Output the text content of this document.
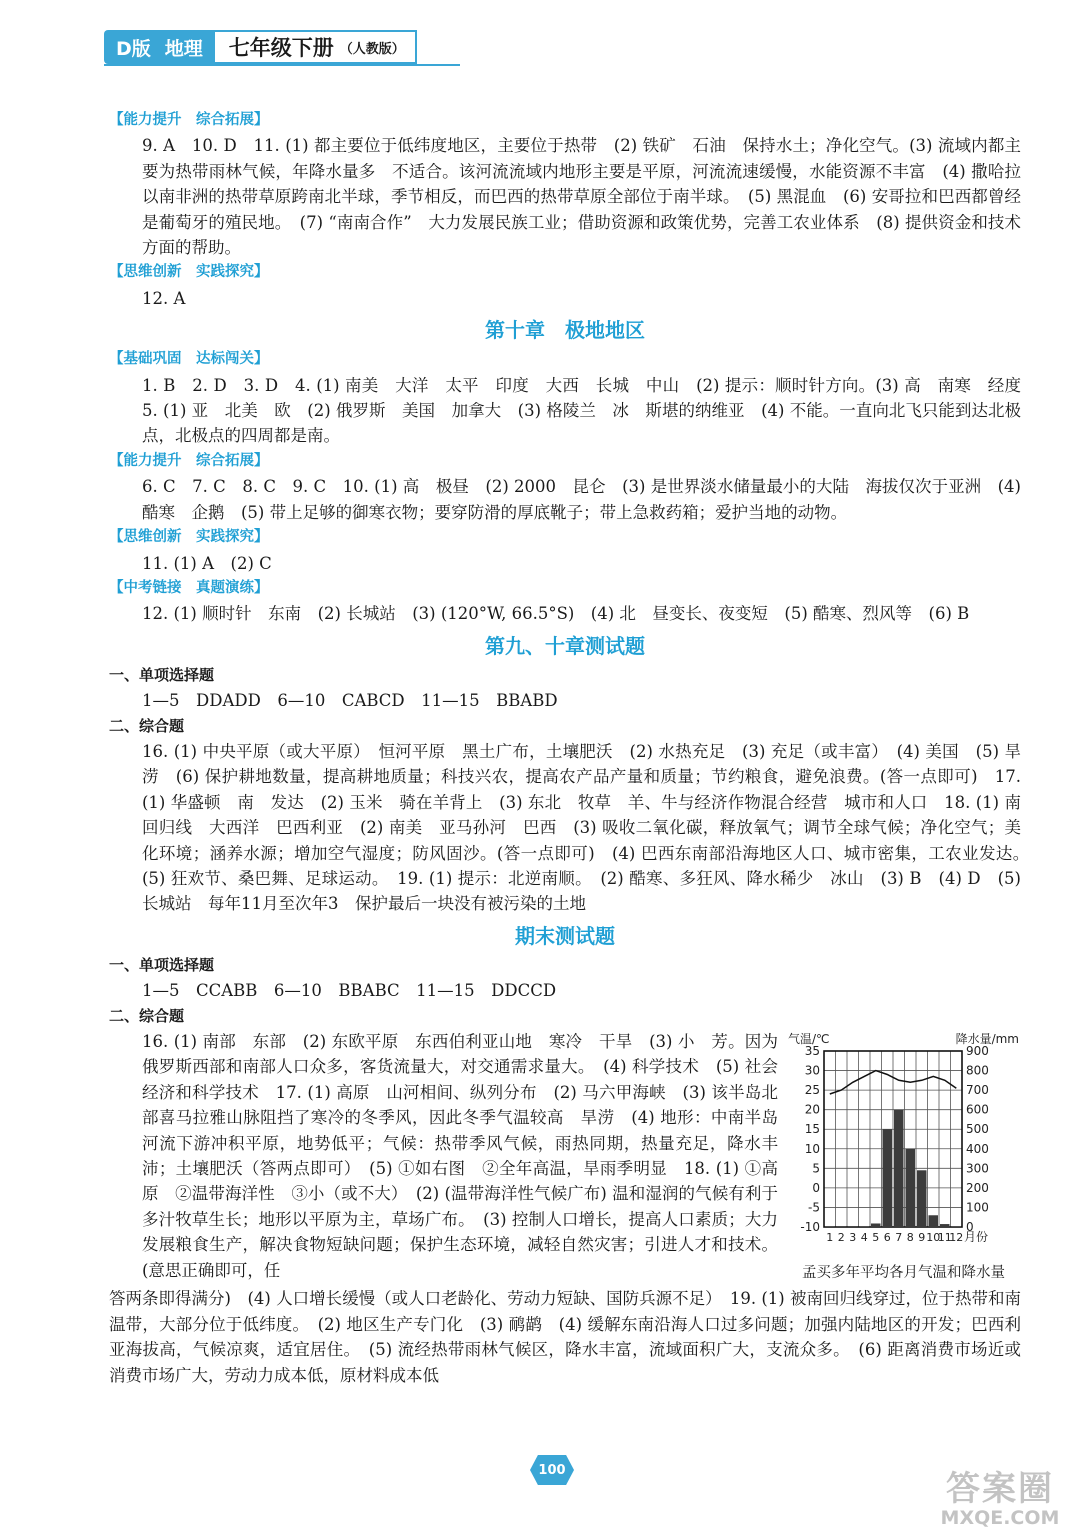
D版 地理 七年级下册 （人教版）
【能力提升　综合拓展】
9. A　10. D　11. (1) 都主要位于低纬度地区，主要位于热带　(2) 铁矿　石油　保持水土；净化空气。(3) 流域内都主要为热带雨林气候，年降水量多　不适合。该河流流域内地形主要是平原，河流流速缓慢，水能资源不丰富　(4) 撒哈拉以南非洲的热带草原跨南北半球，季节相反，而巴西的热带草原全部位于南半球。　(5) 黑混血　(6) 安哥拉和巴西都曾经是葡萄牙的殖民地。　(7) “南南合作”　大力发展民族工业；借助资源和政策优势，完善工农业体系　(8) 提供资金和技术方面的帮助。
【思维创新　实践探究】
12. A
第十章　极地地区
【基础巩固　达标闯关】
1. B　2. D　3. D　4. (1) 南美　大洋　太平　印度　大西　长城　中山　(2) 提示：顺时针方向。(3) 高　南寒　经度　5. (1) 亚　北美　欧　(2) 俄罗斯　美国　加拿大　(3) 格陵兰　冰　斯堪的纳维亚　(4) 不能。一直向北飞只能到达北极点，北极点的四周都是南。
【能力提升　综合拓展】
6. C　7. C　8. C　9. C　10. (1) 高　极昼　(2) 2000　昆仑　(3) 是世界淡水储量最小的大陆　海拔仅次于亚洲　(4) 酷寒　企鹅　(5) 带上足够的御寒衣物；要穿防滑的厚底靴子；带上急救药箱；爱护当地的动物。
【思维创新　实践探究】
11. (1) A　(2) C
【中考链接　真题演练】
12. (1) 顺时针　东南　(2) 长城站　(3) (120°W, 66.5°S)　(4) 北　昼变长、夜变短　(5) 酷寒、烈风等　(6) B
第九、十章测试题
一、单项选择题
1—5　DDADD　6—10　CABCD　11—15　BBABD
二、综合题
16. (1) 中央平原（或大平原）　恒河平原　黑土广布，土壤肥沃　(2) 水热充足　(3) 充足（或丰富）　(4) 美国　(5) 旱涝　(6) 保护耕地数量，提高耕地质量；科技兴农，提高农产品产量和质量；节约粮食，避免浪费。(答一点即可)　17. (1) 华盛顿　南　发达　(2) 玉米　骑在羊背上　(3) 东北　牧草　羊、牛与经济作物混合经营　城市和人口　18. (1) 南回归线　大西洋　巴西利亚　(2) 南美　亚马孙河　巴西　(3) 吸收二氧化碳，释放氧气；调节全球气候；净化空气；美化环境；涵养水源；增加空气湿度；防风固沙。(答一点即可)　(4) 巴西东南部沿海地区人口、城市密集，工农业发达。　(5) 狂欢节、桑巴舞、足球运动。　19. (1) 提示：北逆南顺。　(2) 酷寒、多狂风、降水稀少　冰山　(3) B　(4) D　(5) 长城站　每年11月至次年3　保护最后一块没有被污染的土地
期末测试题
一、单项选择题
1—5　CCABB　6—10　BBABC　11—15　DDCCD
二、综合题
16. (1) 南部　东部　(2) 东欧平原　东西伯利亚山地　寒冷　干旱　(3) 小　芳。因为俄罗斯西部和南部人口众多，客货流量大，对交通需求量大。　(4) 科学技术　(5) 社会经济和科学技术　17. (1) 高原　山河相间、纵列分布　(2) 马六甲海峡　(3) 该半岛北部喜马拉雅山脉阻挡了寒冷的冬季风，因此冬季气温较高　旱涝　(4) 地形：中南半岛河流下游冲积平原，地势低平；气候：热带季风气候，雨热同期，热量充足，降水丰沛；土壤肥沃（答两点即可）　(5) ①如右图　②全年高温，旱雨季明显　18. (1) ①高原　②温带海洋性　③小（或不大）　(2) (温带海洋性气候广布) 温和湿润的气候有利于多汁牧草生长；地形以平原为主，草场广布。　(3) 控制人口增长，提高人口素质；大力发展粮食生产，解决食物短缺问题；保护生态环境，减轻自然灾害；引进人才和技术。(意思正确即可，任
气温/℃	降水量/mm
35
30
25
20
15
10
5
0
-5
-10
900
800
700
600
500
400
300
200
100
0
1 2 3 4 5 6 7 8 9 10
11
12 月份
孟买多年平均各月气温和降水量
答两条即得满分)　(4) 人口增长缓慢（或人口老龄化、劳动力短缺、国防兵源不足）　19. (1) 被南回归线穿过，位于热带和南温带，大部分位于低纬度。　(2) 地区生产专门化　(3) 鸸鹋　(4) 缓解东南沿海人口过多问题；加强内陆地区的开发；巴西利亚海拔高，气候凉爽，适宜居住。　(5) 流经热带雨林气候区，降水丰富，流域面积广大，支流众多。　(6) 距离消费市场近或消费市场广大，劳动力成本低，原材料成本低
100	答案圈
MXQE.COM
